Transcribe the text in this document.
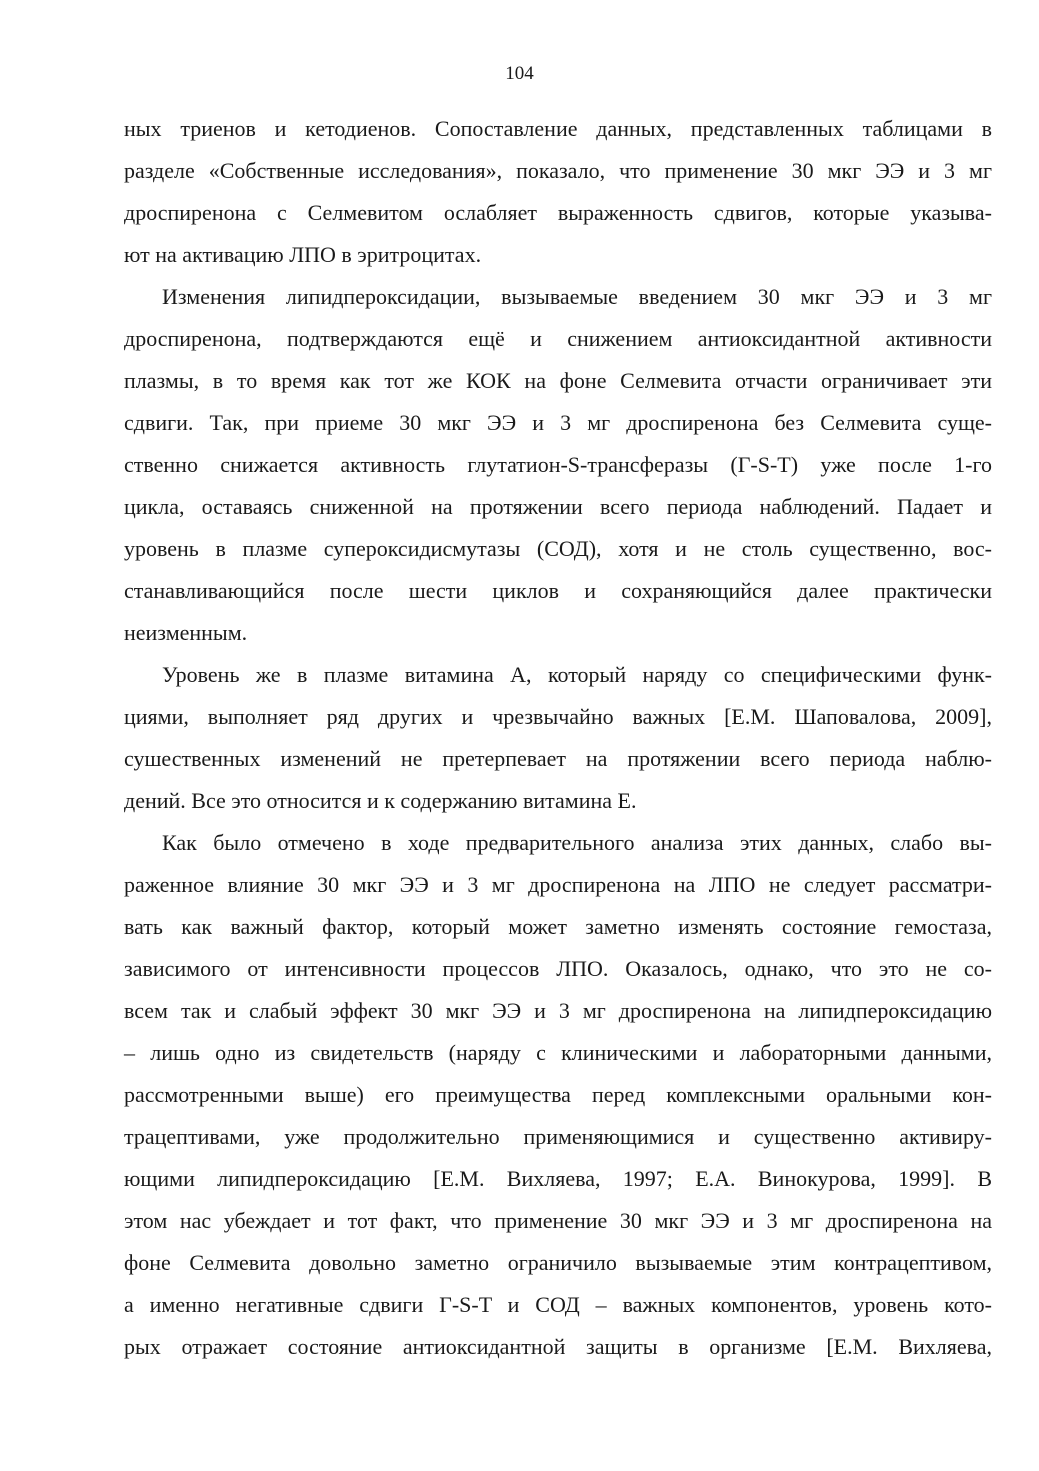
104
ных триенов и кетодиенов. Сопоставление данных, представленных таблицами в
разделе «Собственные исследования», показало, что применение 30 мкг ЭЭ и 3 мг
дроспиренона с Селмевитом ослабляет выраженность сдвигов, которые указыва-
ют на активацию ЛПО в эритроцитах.
Изменения липидпероксидации, вызываемые введением 30 мкг ЭЭ и 3 мг
дроспиренона, подтверждаются ещё и снижением антиоксидантной активности
плазмы, в то время как тот же КОК на фоне Селмевита отчасти ограничивает эти
сдвиги. Так, при приеме 30 мкг ЭЭ и 3 мг дроспиренона без Селмевита суще-
ственно снижается активность глутатион-S-трансферазы (Г-S-T) уже после 1-го
цикла, оставаясь сниженной на протяжении всего периода наблюдений. Падает и
уровень в плазме супероксидисмутазы (СОД), хотя и не столь существенно, вос-
станавливающийся после шести циклов и сохраняющийся далее практически
неизменным.
Уровень же в плазме витамина А, который наряду со специфическими функ-
циями, выполняет ряд других и чрезвычайно важных [Е.М. Шаповалова, 2009],
сушественных изменений не претерпевает на протяжении всего периода наблю-
дений. Все это относится и к содержанию витамина Е.
Как было отмечено в ходе предварительного анализа этих данных, слабо вы-
раженное влияние 30 мкг ЭЭ и 3 мг дроспиренона на ЛПО не следует рассматри-
вать как важный фактор, который может заметно изменять состояние гемостаза,
зависимого от интенсивности процессов ЛПО. Оказалось, однако, что это не со-
всем так и слабый эффект 30 мкг ЭЭ и 3 мг дроспиренона на липидпероксидацию
– лишь одно из свидетельств (наряду с клиническими и лабораторными данными,
рассмотренными выше) его преимущества перед комплексными оральными кон-
трацептивами, уже продолжительно применяющимися и существенно активиру-
ющими липидпероксидацию [Е.М. Вихляева, 1997; Е.А. Винокурова, 1999]. В
этом нас убеждает и тот факт, что применение 30 мкг ЭЭ и 3 мг дроспиренона на
фоне Селмевита довольно заметно ограничило вызываемые этим контрацептивом,
а именно негативные сдвиги Г-S-T и СОД – важных компонентов, уровень кото-
рых отражает состояние антиоксидантной защиты в организме [Е.М. Вихляева,
